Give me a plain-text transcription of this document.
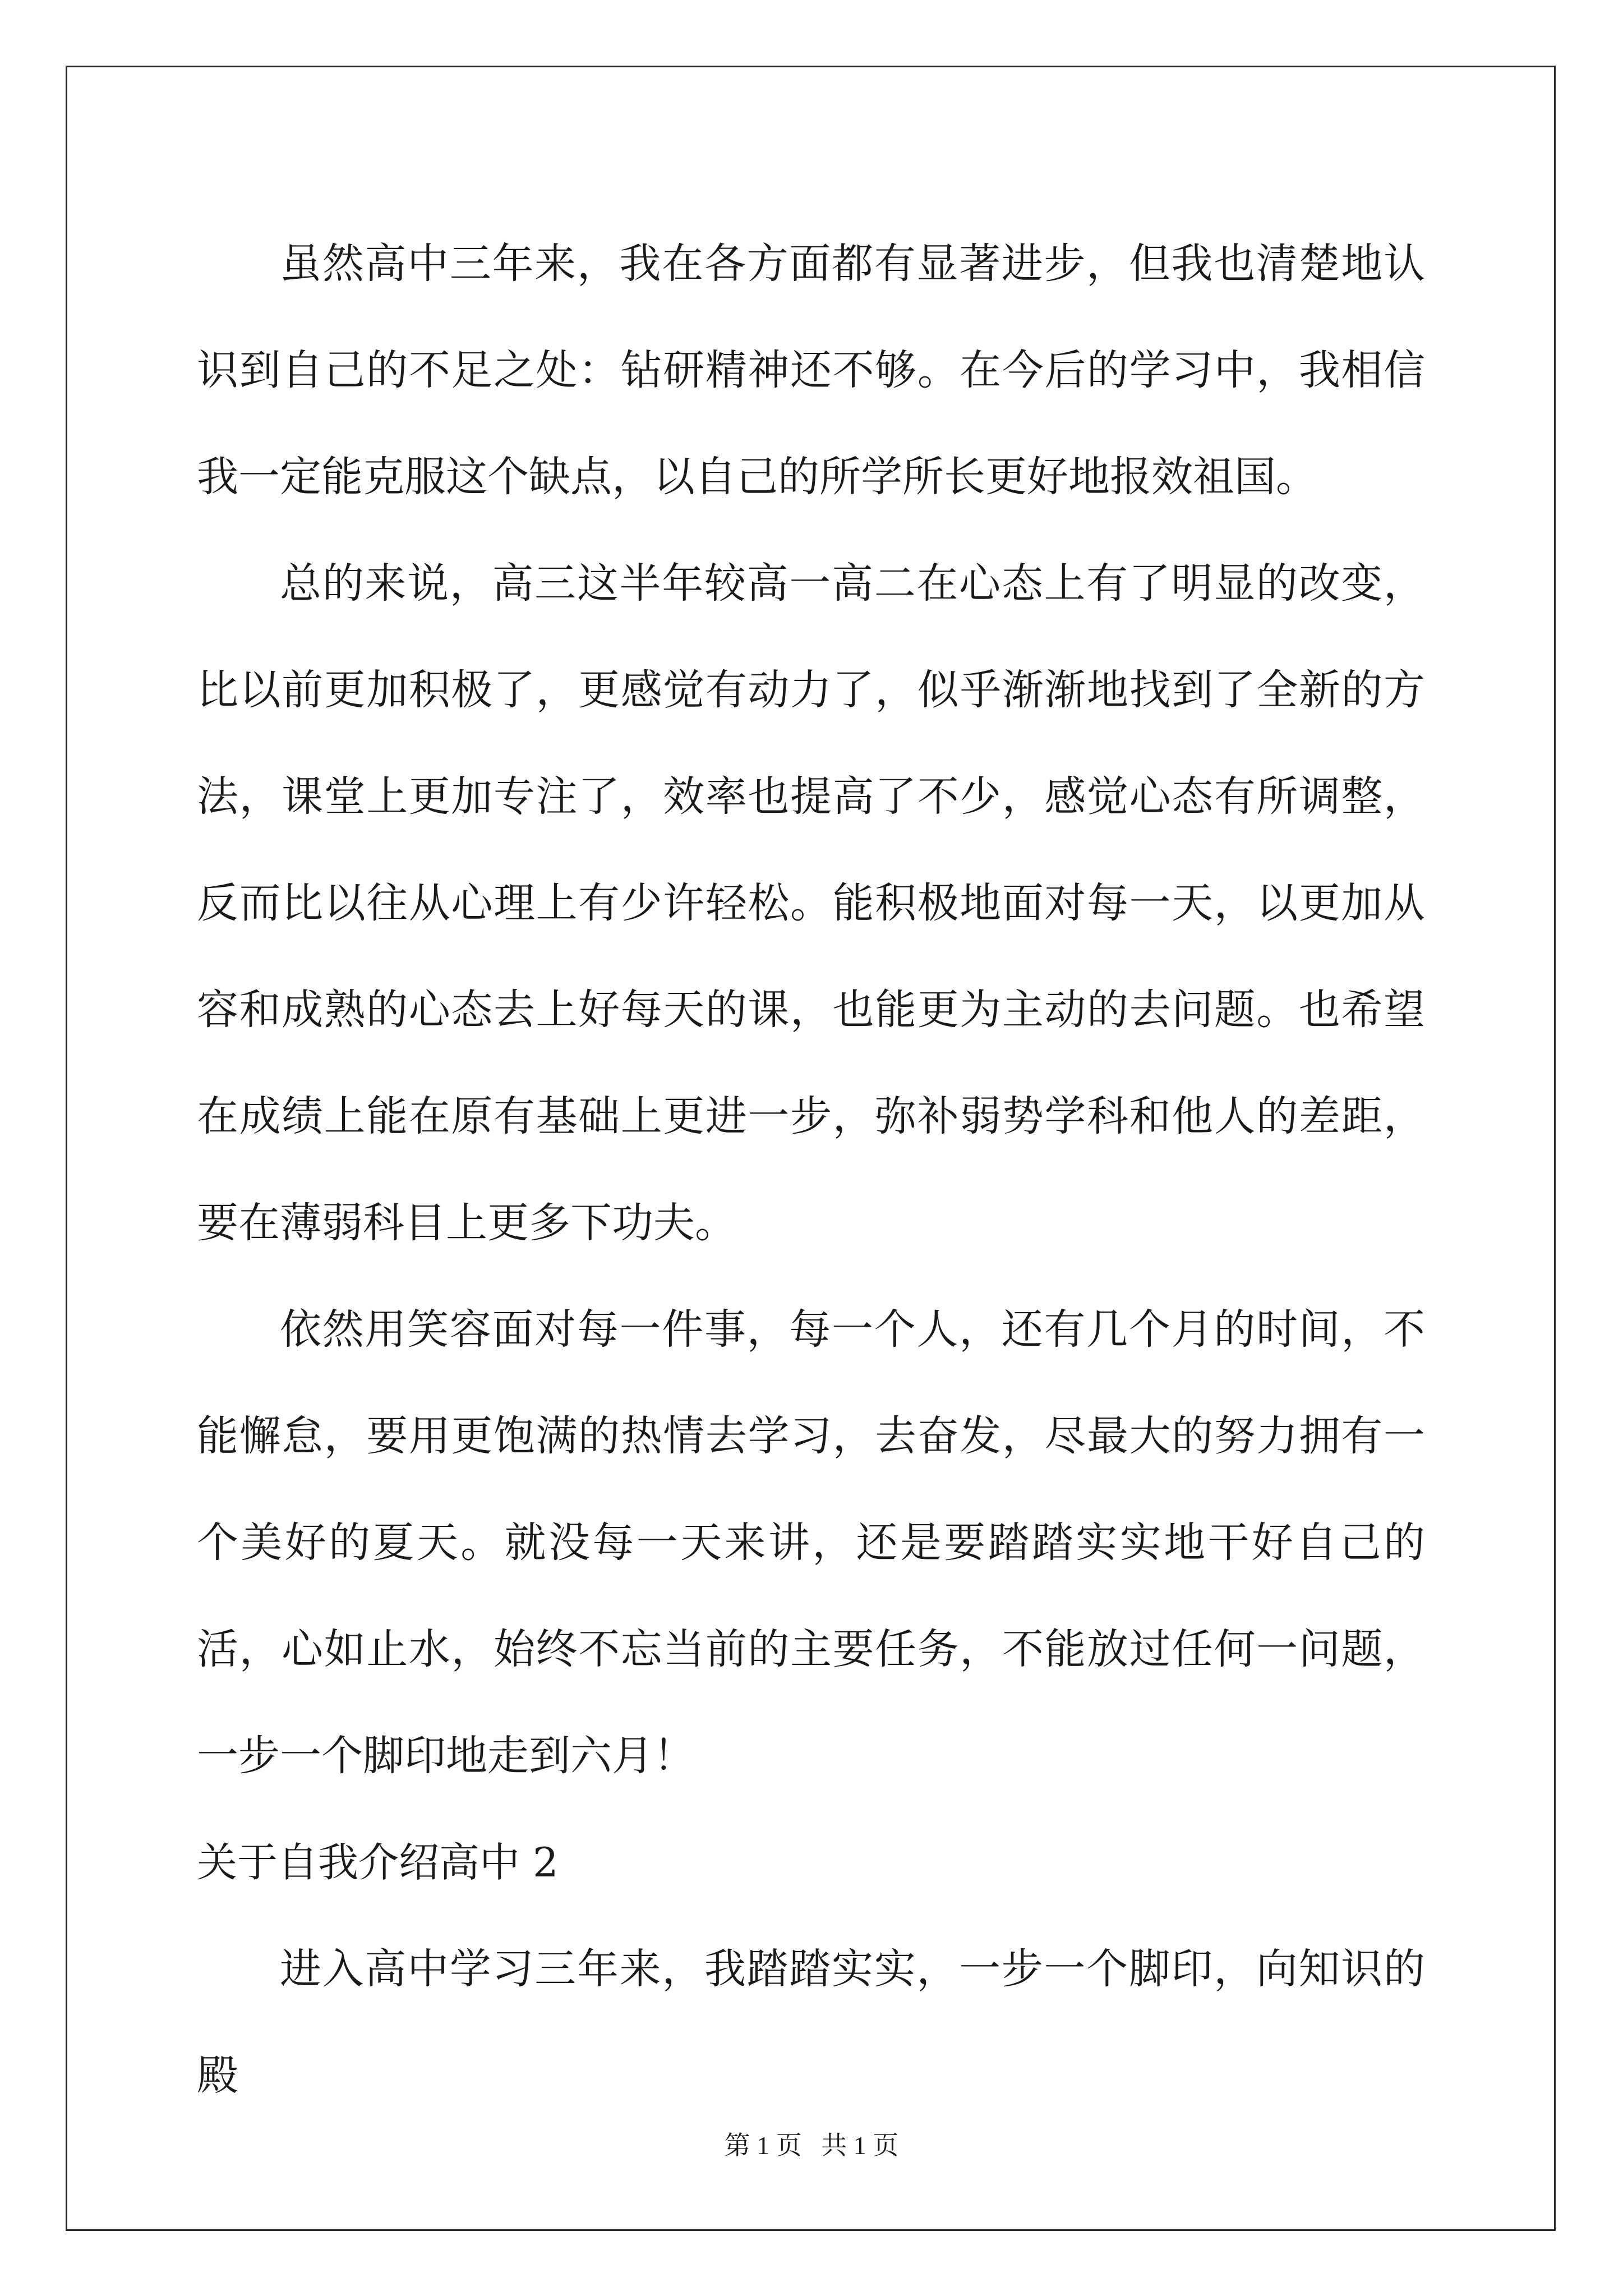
虽然高中三年来，我在各方面都有显著进步，但我也清楚地认识到自己的不足之处：钻研精神还不够。在今后的学习中，我相信我一定能克服这个缺点，以自己的所学所长更好地报效祖国。

总的来说，高三这半年较高一高二在心态上有了明显的改变，比以前更加积极了，更感觉有动力了，似乎渐渐地找到了全新的方法，课堂上更加专注了，效率也提高了不少，感觉心态有所调整，反而比以往从心理上有少许轻松。能积极地面对每一天，以更加从容和成熟的心态去上好每天的课，也能更为主动的去问题。也希望在成绩上能在原有基础上更进一步，弥补弱势学科和他人的差距，要在薄弱科目上更多下功夫。

依然用笑容面对每一件事，每一个人，还有几个月的时间，不能懈怠，要用更饱满的热情去学习，去奋发，尽最大的努力拥有一个美好的夏天。就没每一天来讲，还是要踏踏实实地干好自己的活，心如止水，始终不忘当前的主要任务，不能放过任何一问题，一步一个脚印地走到六月！

关于自我介绍高中 2

进入高中学习三年来，我踏踏实实，一步一个脚印，向知识的殿

第 1 页   共 1 页
